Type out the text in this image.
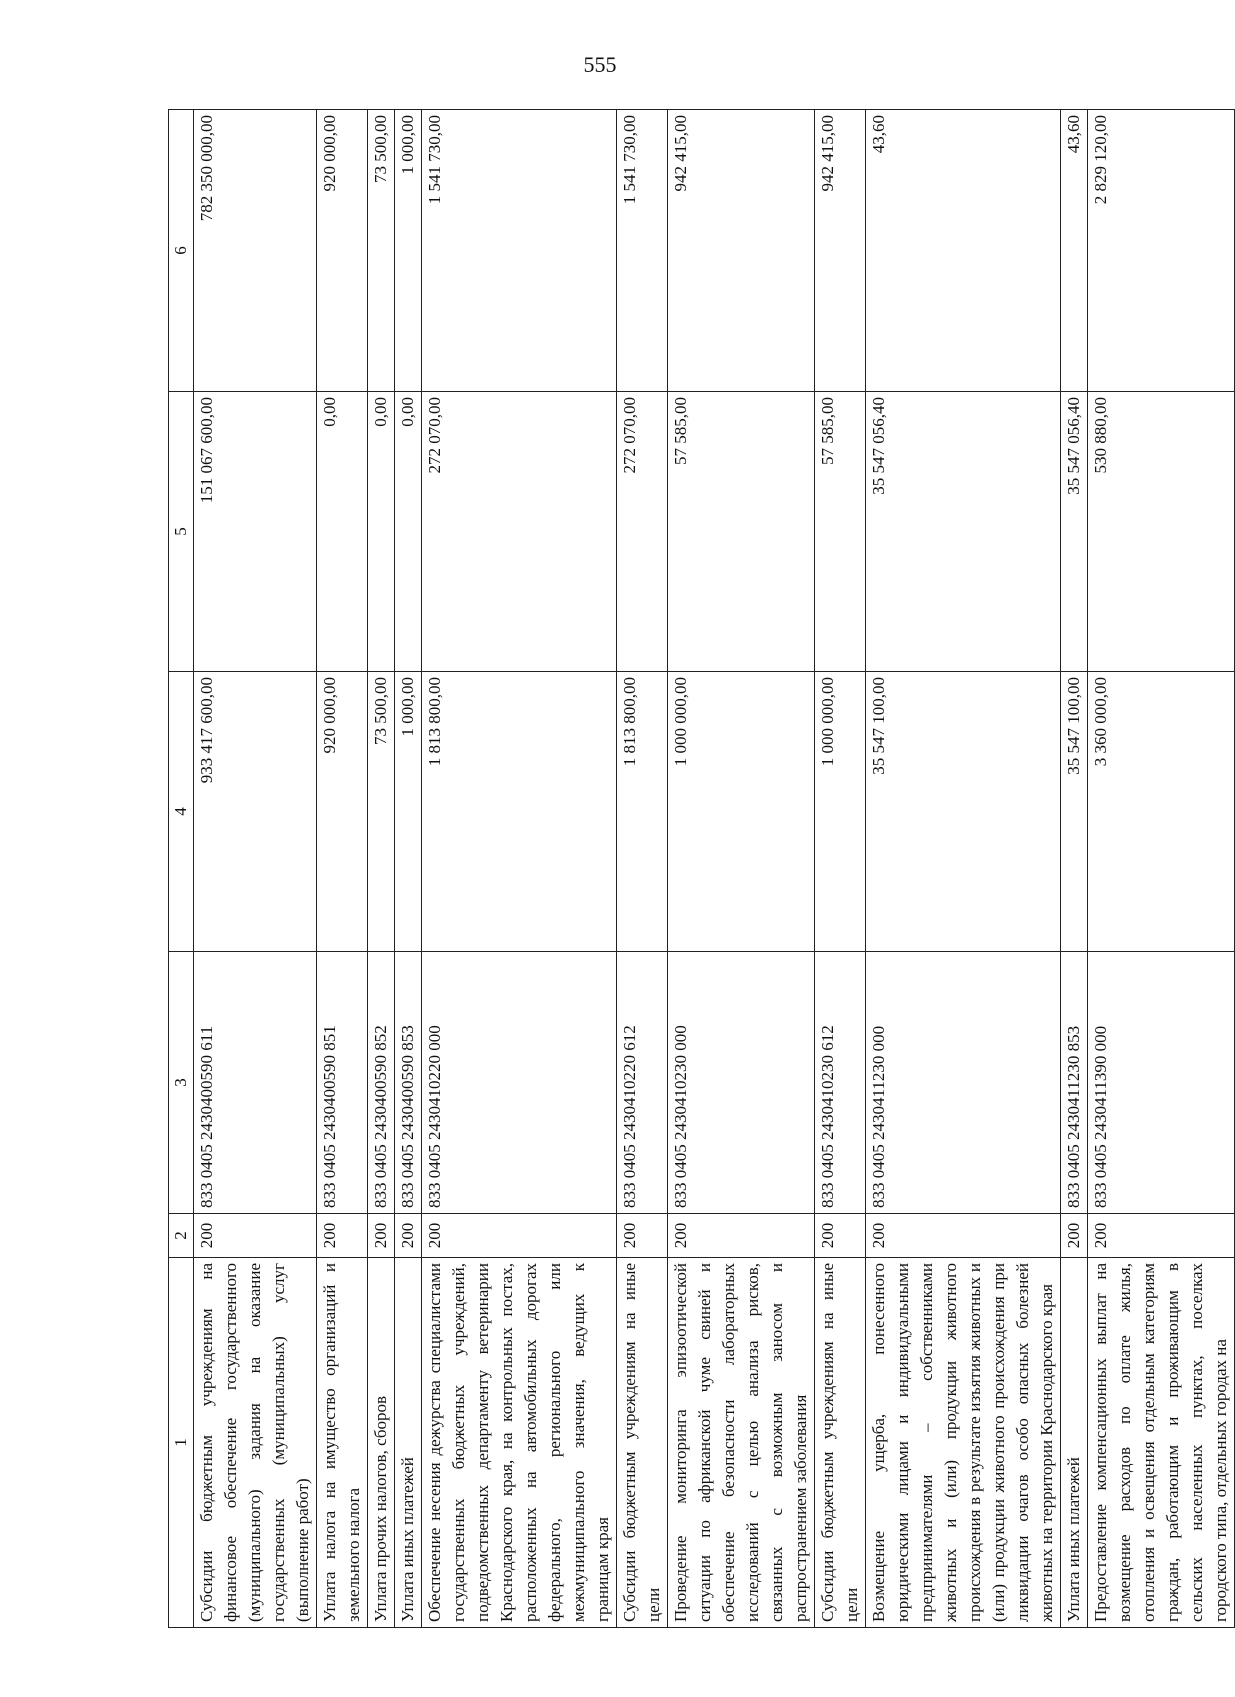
555
1	2	3	4	5	6
Субсидии бюджетным учреждениям на финансовое обеспечение государственного (муниципального) задания на оказание государственных (муниципальных) услуг (выполнение работ)	200	833 0405 2430400590 611	933 417 600,00	151 067 600,00	782 350 000,00
Уплата налога на имущество организаций и земельного налога	200	833 0405 2430400590 851	920 000,00	0,00	920 000,00
Уплата прочих налогов, сборов	200	833 0405 2430400590 852	73 500,00	0,00	73 500,00
Уплата иных платежей	200	833 0405 2430400590 853	1 000,00	0,00	1 000,00
Обеспечение несения дежурства специалистами государственных бюджетных учреждений, подведомственных департаменту ветеринарии Краснодарского края, на контрольных постах, расположенных на автомобильных дорогах федерального, регионального или межмуниципального значения, ведущих к границам края	200	833 0405 2430410220 000	1 813 800,00	272 070,00	1 541 730,00
Субсидии бюджетным учреждениям на иные цели	200	833 0405 2430410220 612	1 813 800,00	272 070,00	1 541 730,00
Проведение мониторинга эпизоотической ситуации по африканской чуме свиней и обеспечение безопасности лабораторных исследований с целью анализа рисков, связанных с возможным заносом и распространением заболевания	200	833 0405 2430410230 000	1 000 000,00	57 585,00	942 415,00
Субсидии бюджетным учреждениям на иные цели	200	833 0405 2430410230 612	1 000 000,00	57 585,00	942 415,00
Возмещение ущерба, понесенного юридическими лицами и индивидуальными предпринимателями – собственниками животных и (или) продукции животного происхождения в результате изъятия животных и (или) продукции животного происхождения при ликвидации очагов особо опасных болезней животных на территории Краснодарского края	200	833 0405 2430411230 000	35 547 100,00	35 547 056,40	43,60
Уплата иных платежей	200	833 0405 2430411230 853	35 547 100,00	35 547 056,40	43,60
Предоставление компенсационных выплат на возмещение расходов по оплате жилья, отопления и освещения отдельным категориям граждан, работающим и проживающим в сельских населенных пунктах, поселках городского типа, отдельных городах на	200	833 0405 2430411390 000	3 360 000,00	530 880,00	2 829 120,00
